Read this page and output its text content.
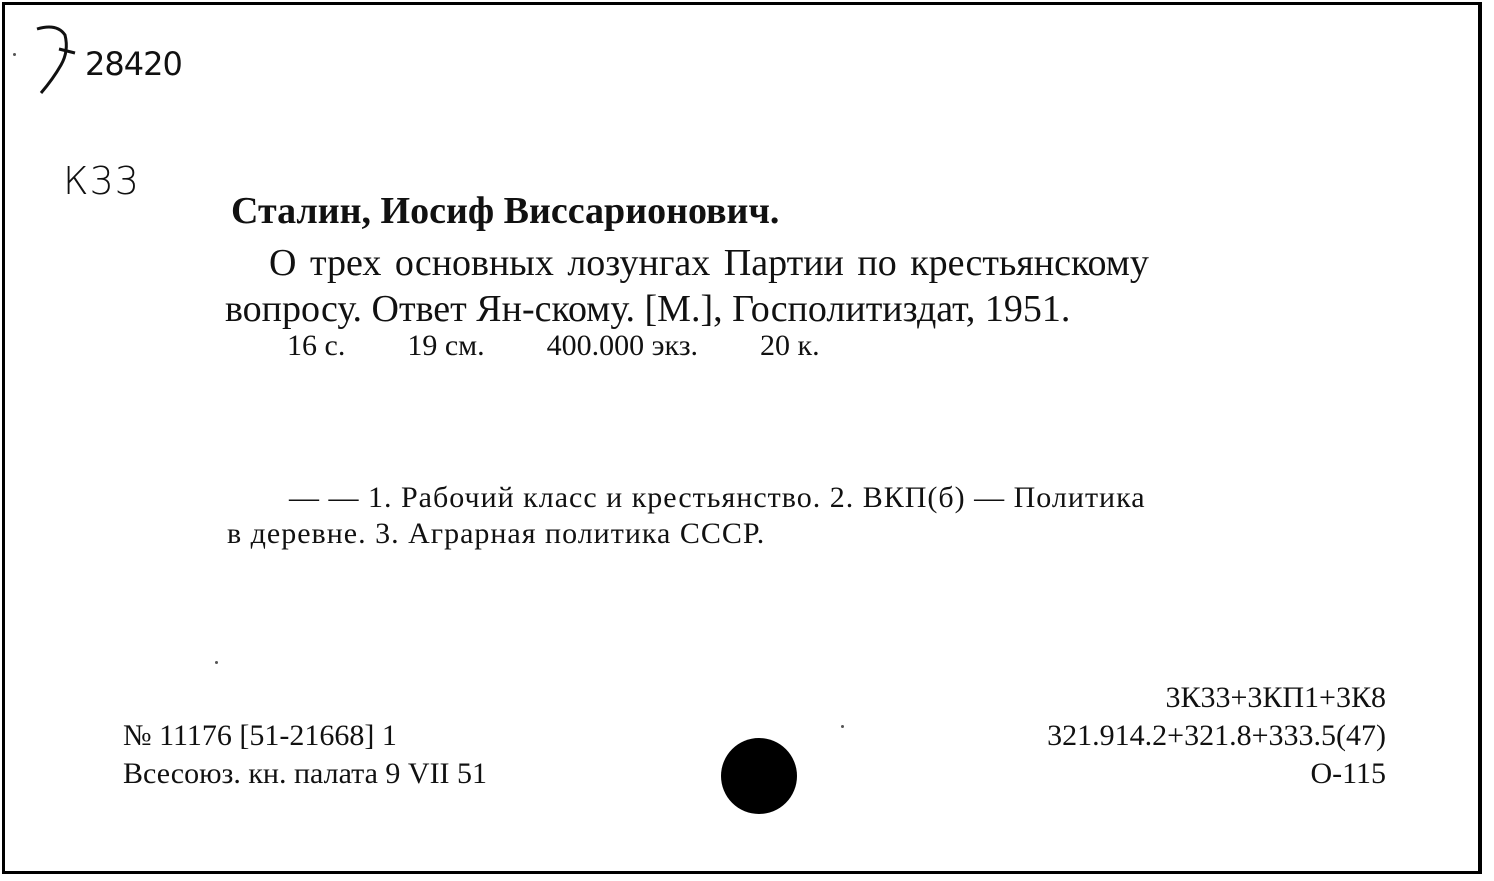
28420
К33
Сталин, Иосиф Виссарионович.
О трех основных лозунгах Партии по крестьянскому
вопросу. Ответ Ян-скому. [М.], Госполитиздат, 1951.
16 с. 19 см. 400.000 экз. 20 к.
— — 1. Рабочий класс и крестьянство. 2. ВКП(б) — Политика
в деревне. 3. Аграрная политика СССР.
№ 11176 [51-21668] 1
Всесоюз. кн. палата 9 VII 51
3К33+3КП1+3К8
321.914.2+321.8+333.5(47)
О-115
